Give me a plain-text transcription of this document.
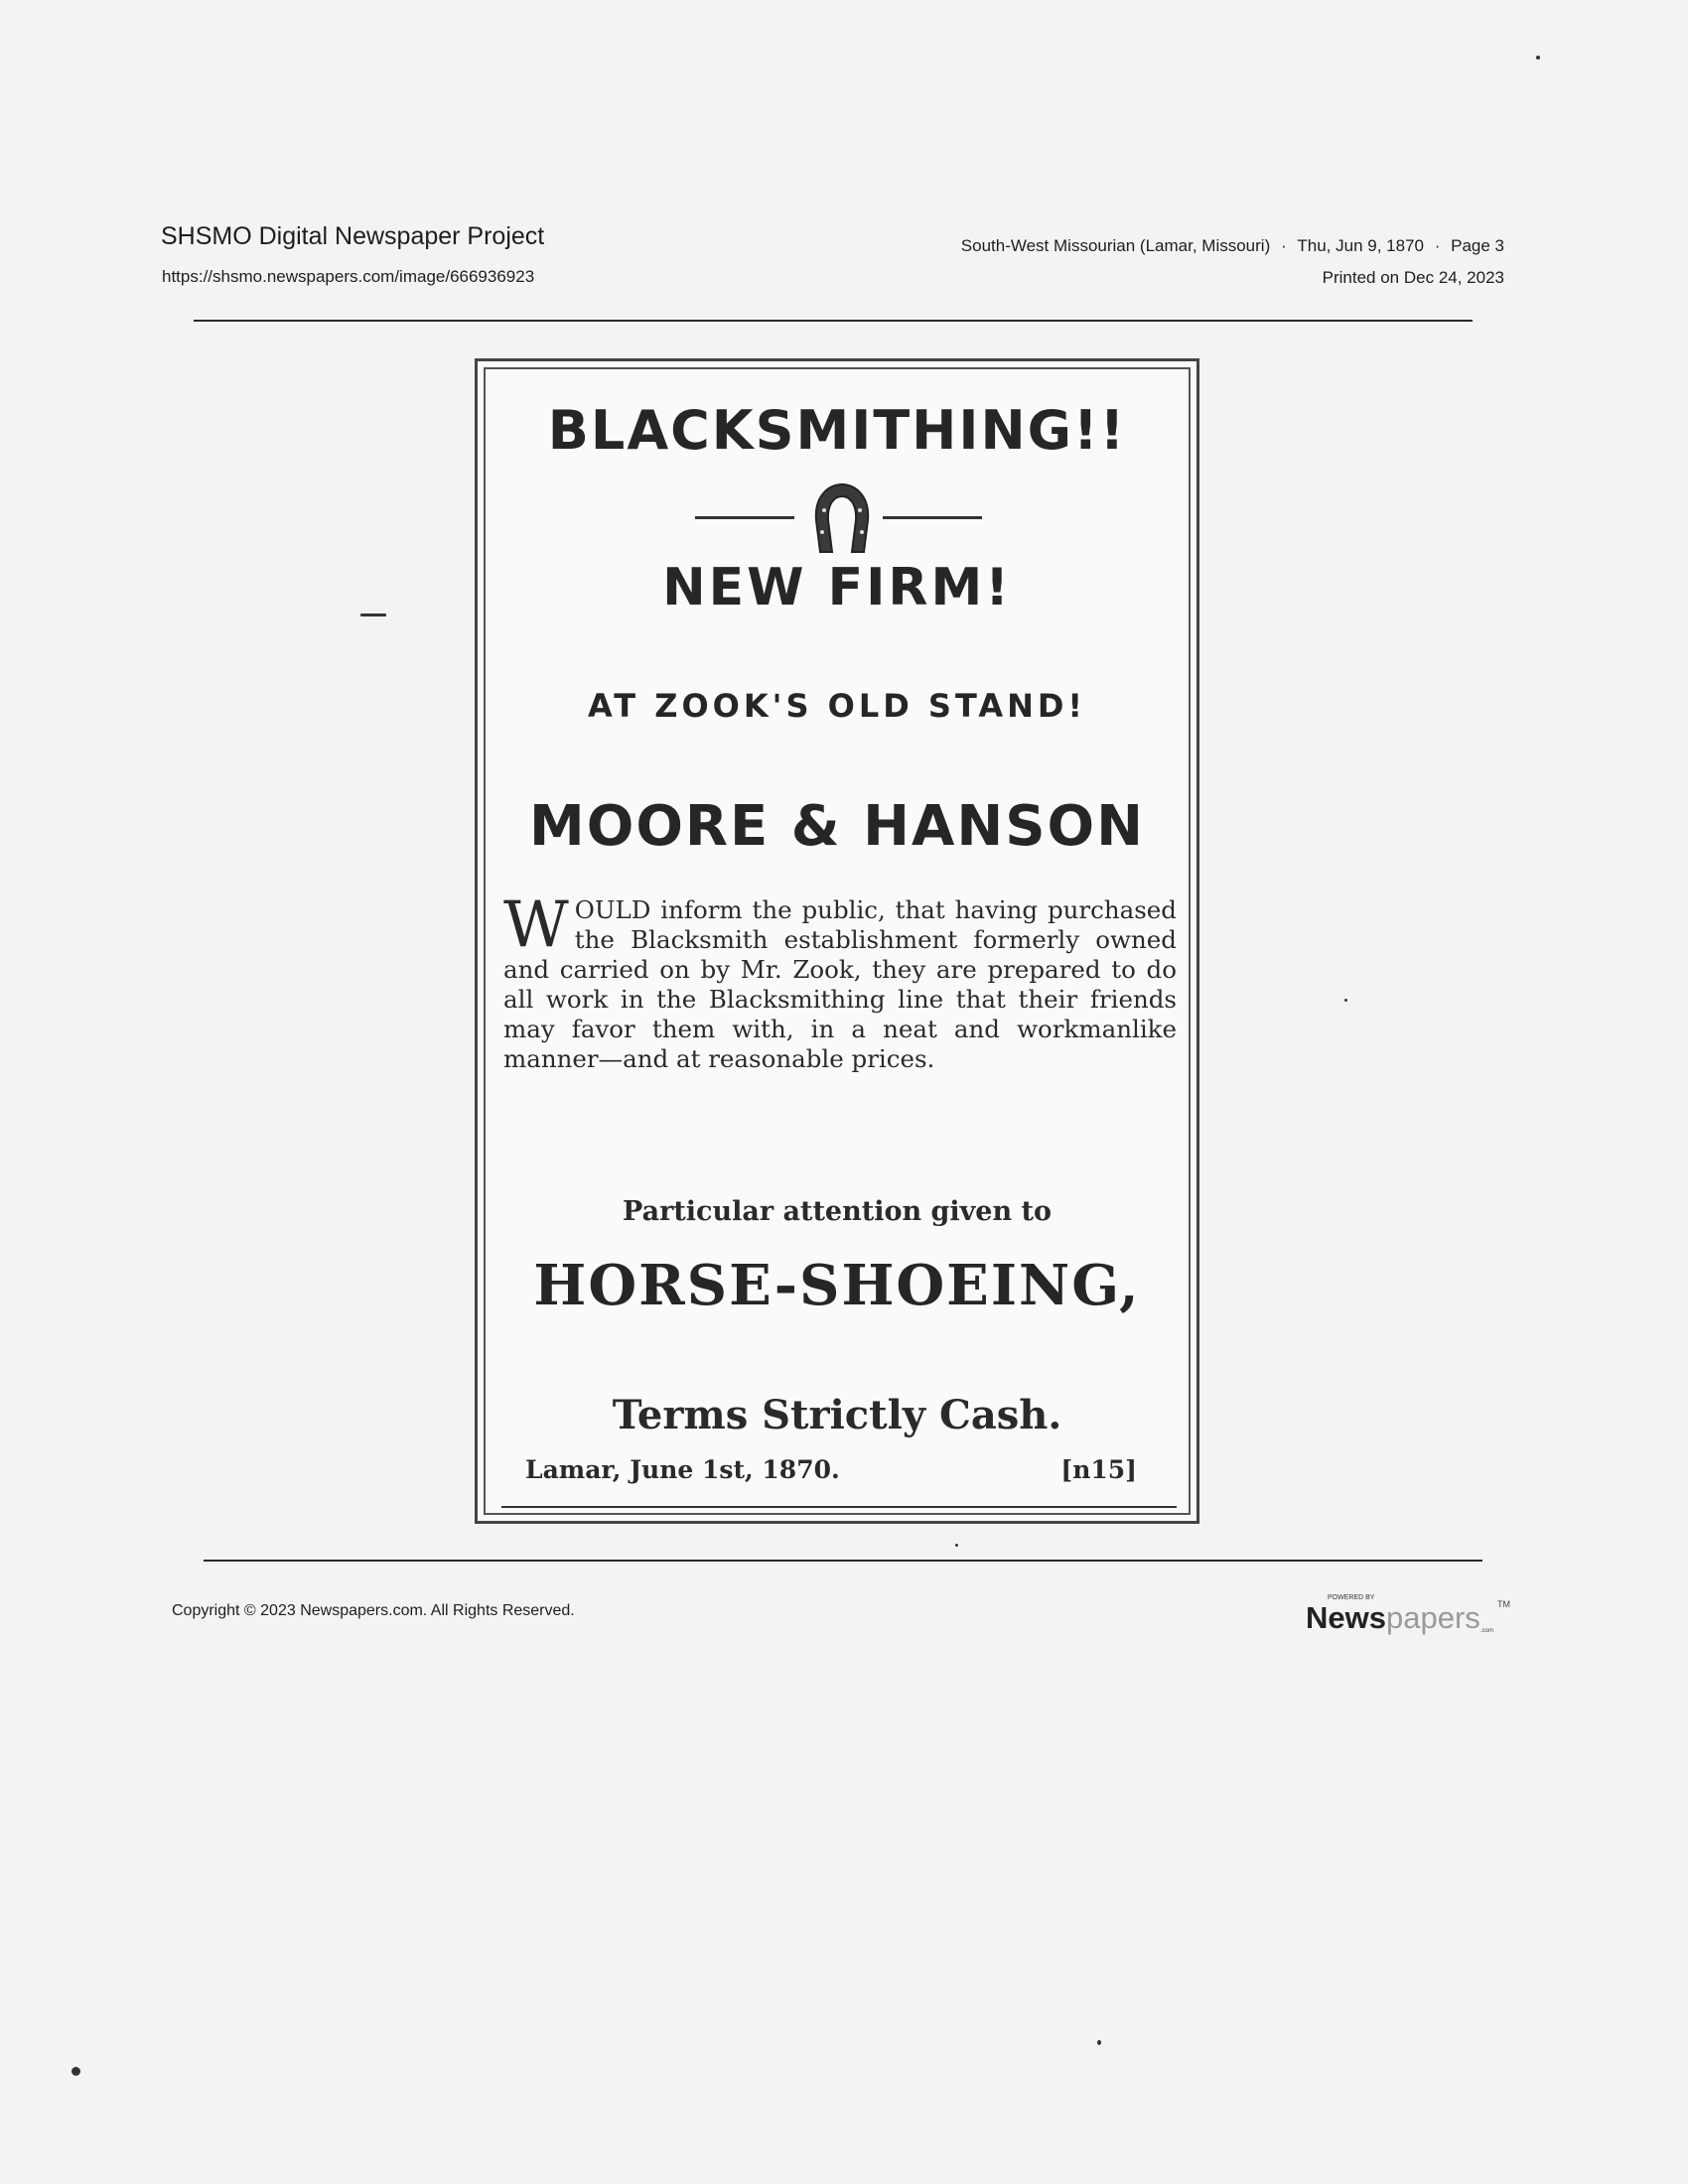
SHSMO Digital Newspaper Project
https://shsmo.newspapers.com/image/666936923
South-West Missourian (Lamar, Missouri) · Thu, Jun 9, 1870 · Page 3
Printed on Dec 24, 2023
BLACKSMITHING!!
NEW FIRM!
AT ZOOK'S OLD STAND!
MOORE & HANSON
WOULD inform the public, that having purchased the Blacksmith establishment formerly owned and carried on by Mr. Zook, they are prepared to do all work in the Blacksmithing line that their friends may favor them with, in a neat and workmanlike manner—and at reasonable prices.
Particular attention given to
HORSE-SHOEING,
Terms Strictly Cash.
Lamar, June 1st, 1870.	[n15]
Copyright © 2023 Newspapers.com. All Rights Reserved.
POWERED BY
Newspapers TM
.com
